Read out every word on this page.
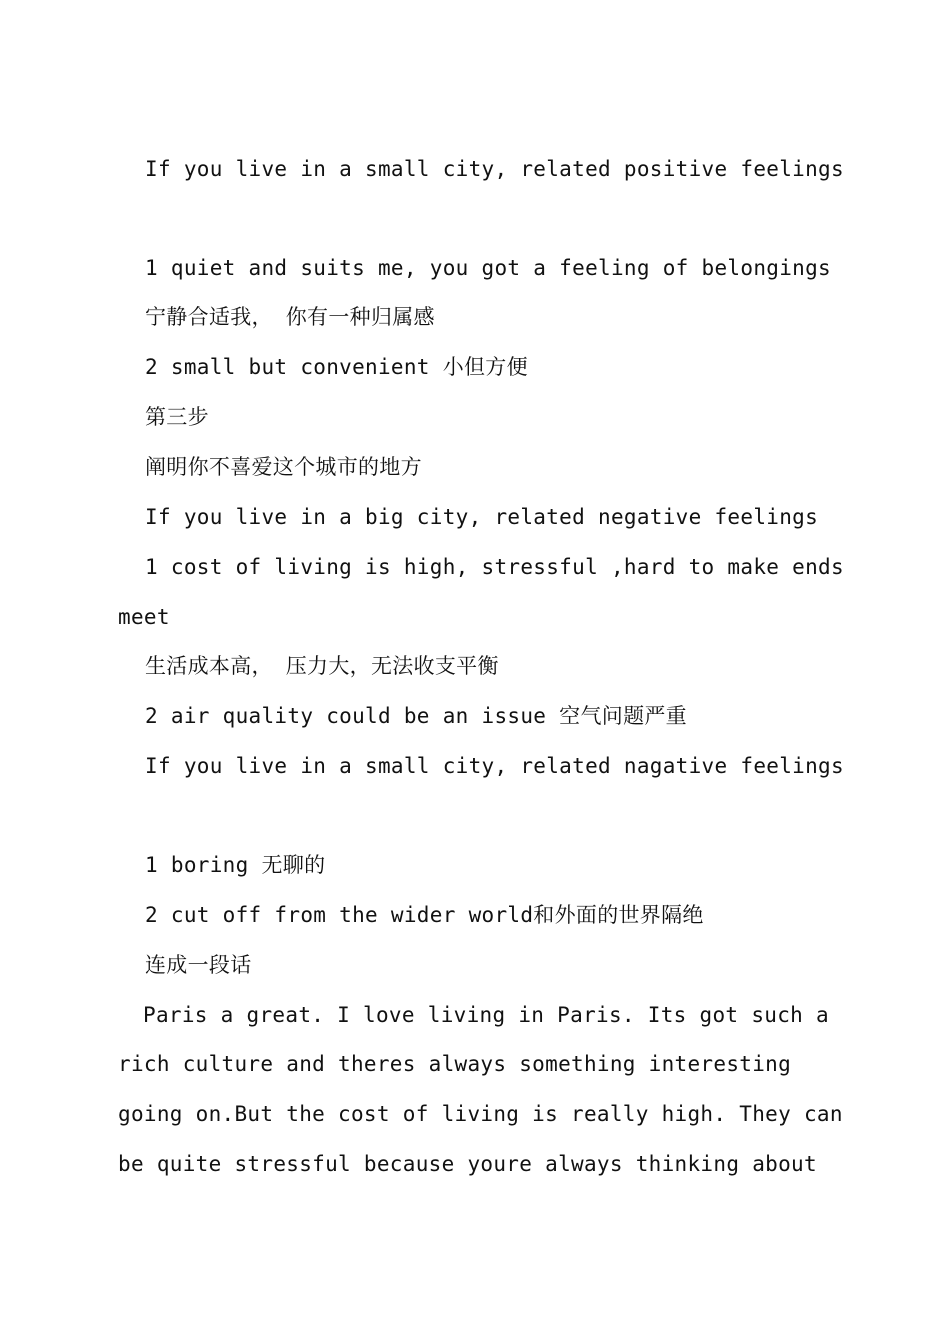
If you live in a small city, related positive feelings
1 quiet and suits me, you got a feeling of belongings
宁静合适我， 你有一种归属感
2 small but convenient 小但方便
第三步
阐明你不喜爱这个城市的地方
If you live in a big city, related negative feelings
1 cost of living is high, stressful ,hard to make ends
meet
生活成本高， 压力大，无法收支平衡
2 air quality could be an issue 空气问题严重
If you live in a small city, related nagative feelings
1 boring 无聊的
2 cut off from the wider world和外面的世界隔绝
连成一段话
Paris a great. I love living in Paris. Its got such a
rich culture and theres always something interesting
going on.But the cost of living is really high. They can
be quite stressful because youre always thinking about
